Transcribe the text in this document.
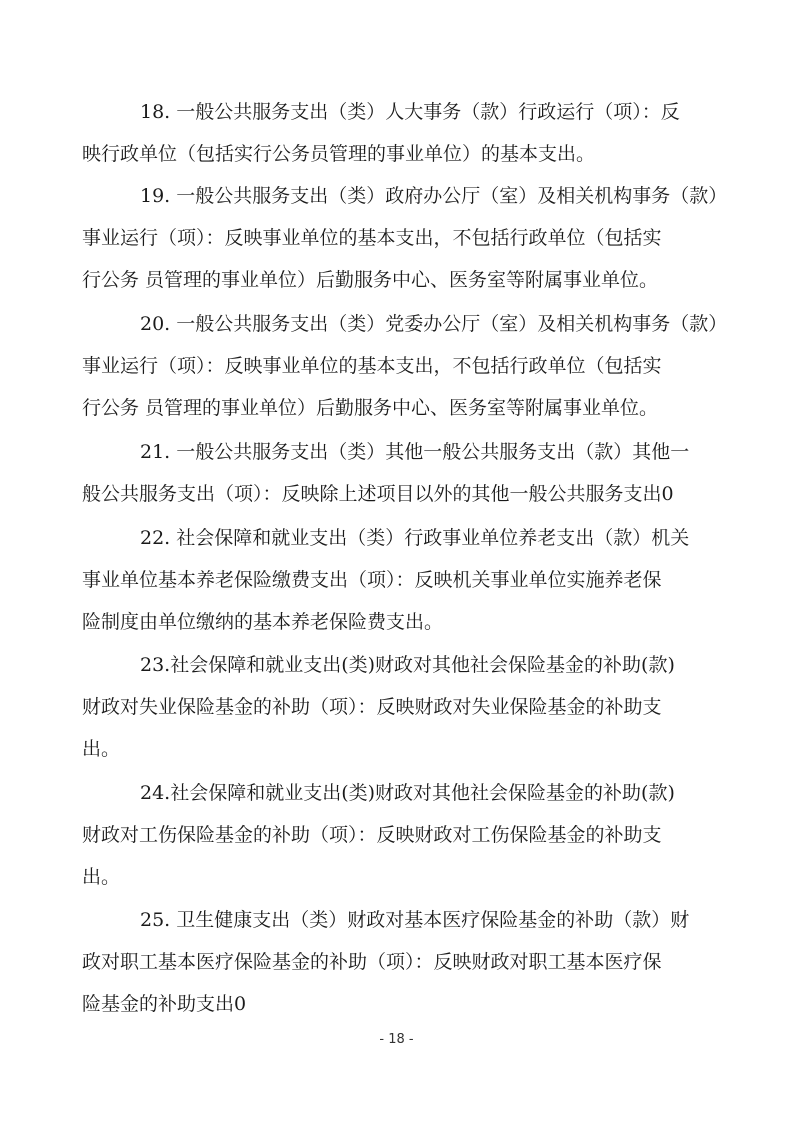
18. 一般公共服务支出（类）人大事务（款）行政运行（项）：反
映行政单位（包括实行公务员管理的事业单位）的基本支出。
19. 一般公共服务支出（类）政府办公厅（室）及相关机构事务（款）
事业运行（项）：反映事业单位的基本支出，不包括行政单位（包括实
行公务 员管理的事业单位）后勤服务中心、医务室等附属事业单位。
20. 一般公共服务支出（类）党委办公厅（室）及相关机构事务（款）
事业运行（项）：反映事业单位的基本支出，不包括行政单位（包括实
行公务 员管理的事业单位）后勤服务中心、医务室等附属事业单位。
21. 一般公共服务支出（类）其他一般公共服务支出（款）其他一
般公共服务支出（项）：反映除上述项目以外的其他一般公共服务支出0
22. 社会保障和就业支出（类）行政事业单位养老支出（款）机关
事业单位基本养老保险缴费支出（项）：反映机关事业单位实施养老保
险制度由单位缴纳的基本养老保险费支出。
23.社会保障和就业支出(类)财政对其他社会保险基金的补助(款)
财政对失业保险基金的补助（项）：反映财政对失业保险基金的补助支
出。
24.社会保障和就业支出(类)财政对其他社会保险基金的补助(款)
财政对工伤保险基金的补助（项）：反映财政对工伤保险基金的补助支
出。
25. 卫生健康支出（类）财政对基本医疗保险基金的补助（款）财
政对职工基本医疗保险基金的补助（项）：反映财政对职工基本医疗保
险基金的补助支出0
- 18 -
